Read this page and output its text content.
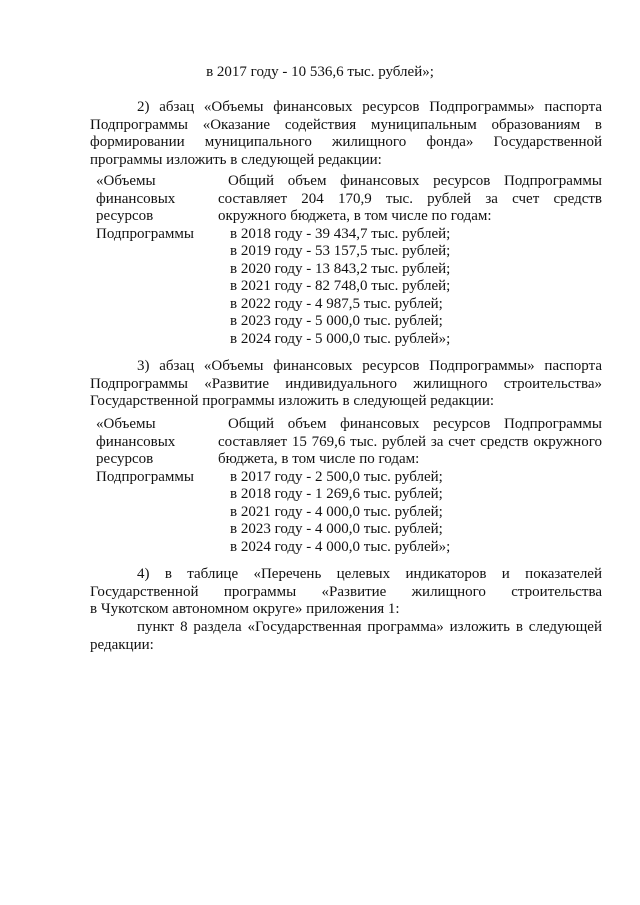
в 2017 году - 10 536,6 тыс. рублей»;
2) абзац «Объемы финансовых ресурсов Подпрограммы» паспорта
Подпрограммы «Оказание содействия муниципальным образованиям в
формировании муниципального жилищного фонда» Государственной
программы изложить в следующей редакции:
«Объемы
финансовых
ресурсов
Подпрограммы
Общий объем финансовых ресурсов Подпрограммы
составляет 204 170,9 тыс. рублей за счет средств
окружного бюджета, в том числе по годам:
в 2018 году - 39 434,7 тыс. рублей;
в 2019 году - 53 157,5 тыс. рублей;
в 2020 году - 13 843,2 тыс. рублей;
в 2021 году - 82 748,0 тыс. рублей;
в 2022 году - 4 987,5 тыс. рублей;
в 2023 году - 5 000,0 тыс. рублей;
в 2024 году - 5 000,0 тыс. рублей»;
3) абзац «Объемы финансовых ресурсов Подпрограммы» паспорта
Подпрограммы «Развитие индивидуального жилищного строительства»
Государственной программы изложить в следующей редакции:
«Объемы
финансовых
ресурсов
Подпрограммы
Общий объем финансовых ресурсов Подпрограммы
составляет 15 769,6 тыс. рублей за счет средств окружного
бюджета, в том числе по годам:
в 2017 году - 2 500,0 тыс. рублей;
в 2018 году - 1 269,6 тыс. рублей;
в 2021 году - 4 000,0 тыс. рублей;
в 2023 году - 4 000,0 тыс. рублей;
в 2024 году - 4 000,0 тыс. рублей»;
4) в таблице «Перечень целевых индикаторов и показателей
Государственной программы «Развитие жилищного строительства
в Чукотском автономном округе» приложения 1:
пункт 8 раздела «Государственная программа» изложить в следующей
редакции:
